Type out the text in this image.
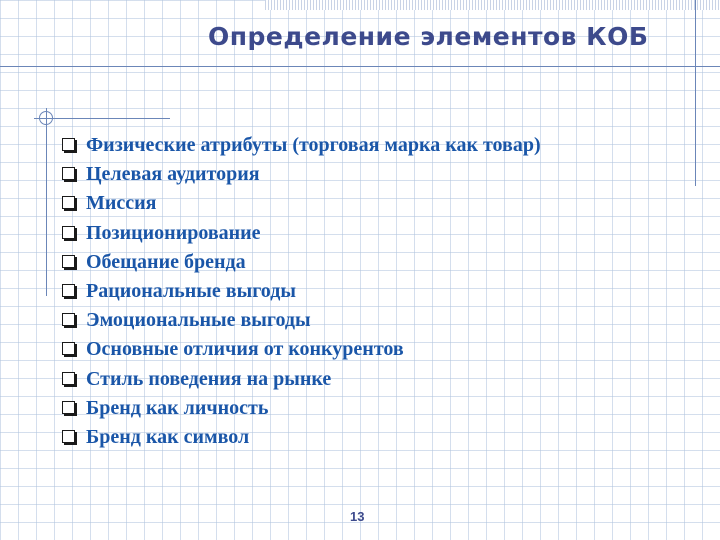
Определение элементов КОБ
Физические атрибуты (торговая марка как товар)
Целевая аудитория
Миссия
Позиционирование
Обещание бренда
Рациональные выгоды
Эмоциональные выгоды
Основные отличия от конкурентов
Стиль поведения на рынке
Бренд как личность
Бренд как символ
13
